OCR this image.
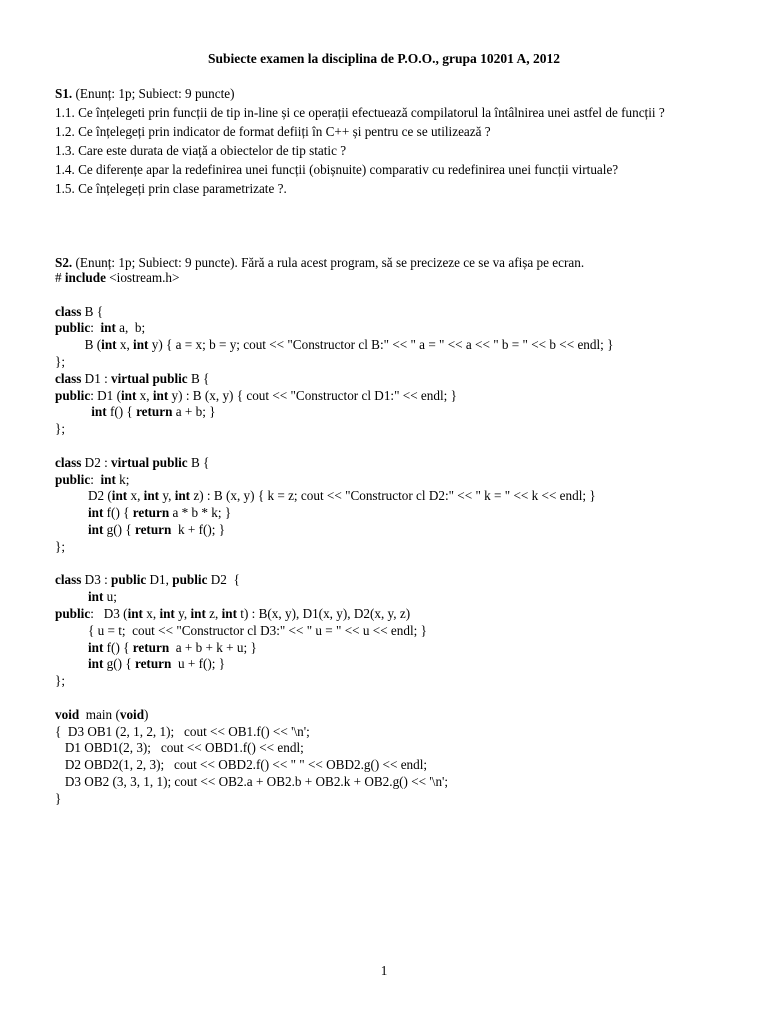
Subiecte examen la disciplina de P.O.O., grupa 10201 A, 2012

S1. (Enunț: 1p; Subiect: 9 puncte)

1.1. Ce înțelegeti prin funcții de tip in-line și ce operații efectuează compilatorul la întâlnirea unei astfel de funcții ?

1.2. Ce înțelegeți prin indicator de format defiiți în C++ și pentru ce se utilizează ?

1.3. Care este durata de viață a obiectelor de tip static ?

1.4. Ce diferențe apar la redefinirea unei funcții (obișnuite) comparativ cu redefinirea unei funcții virtuale?

1.5. Ce înțelegeți prin clase parametrizate ?.

S2. (Enunț: 1p; Subiect: 9 puncte). Fără a rula acest program, să se precizeze ce se va afișa pe ecran.

# include <iostream.h>

class B {
public:  int a,  b;
B (int x, int y) { a = x; b = y; cout << "Constructor cl B:" << " a = " << a << " b = " << b << endl; }
};
class D1 : virtual public B {
public: D1 (int x, int y) : B (x, y) { cout << "Constructor cl D1:" << endl; }
int f() { return a + b; }
};

class D2 : virtual public B {
public:  int k;
D2 (int x, int y, int z) : B (x, y) { k = z; cout << "Constructor cl D2:" << " k = " << k << endl; }
int f() { return a * b * k; }
int g() { return  k + f(); }
};

class D3 : public D1, public D2  {
int u;
public:   D3 (int x, int y, int z, int t) : B(x, y), D1(x, y), D2(x, y, z)
{ u = t;  cout << "Constructor cl D3:" << " u = " << u << endl; }
int f() { return  a + b + k + u; }
int g() { return  u + f(); }
};

void  main (void)
{  D3 OB1 (2, 1, 2, 1);   cout << OB1.f() << '\n';
D1 OBD1(2, 3);   cout << OBD1.f() << endl;
D2 OBD2(1, 2, 3);   cout << OBD2.f() << " " << OBD2.g() << endl;
D3 OB2 (3, 3, 1, 1); cout << OB2.a + OB2.b + OB2.k + OB2.g() << '\n';
}
1
